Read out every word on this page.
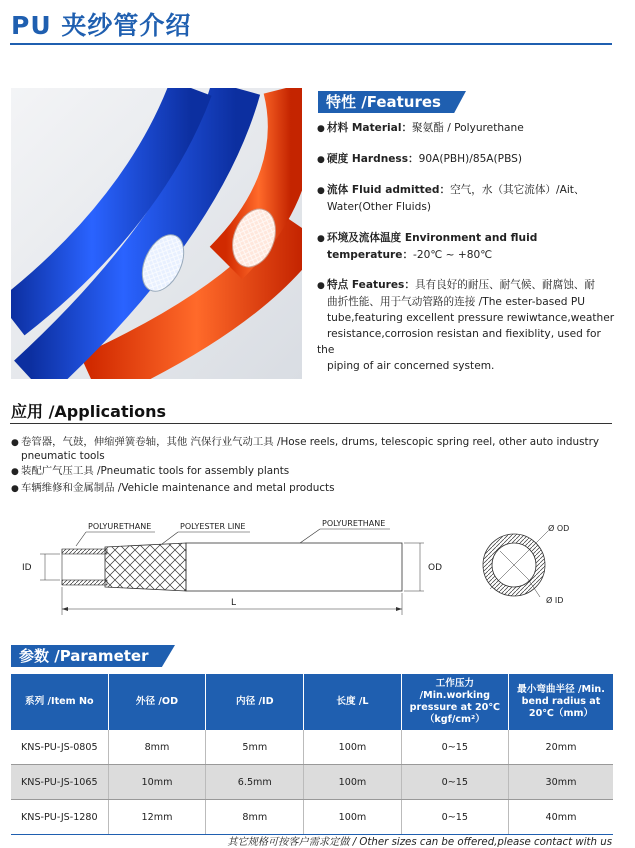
PU 夹纱管介绍
特性 /Features
● 材料 Material：聚氨酯 / Polyurethane
● 硬度 Hardness：90A(PBH)/85A(PBS)
● 流体 Fluid admitted：空气，水（其它流体）/Ait、
Water(Other Fluids)
● 环境及流体温度 Environment and fluid
temperature：-20℃ ~ +80℃
● 特点 Features：具有良好的耐压、耐气候、耐腐蚀、耐
曲折性能、用于气动管路的连接 /The ester-based PU
tube,featuring excellent pressure rewiwtance,weather
resistance,corrosion resistan and fiexiblity, used for the
piping of air concerned system.
应用 /Applications
● 卷管器，气鼓，伸缩弹簧卷轴，其他 汽保行业气动工具 /Hose reels, drums, telescopic spring reel, other auto industry
pneumatic tools
● 装配广气压工具 /Pneumatic tools for assembly plants
● 车辆维修和金属制品 /Vehicle maintenance and metal products
POLYURETHANE	POLYESTER LINE	POLYURETHANE
ID	OD
L
Ø OD
Ø ID
参数 /Parameter
系列 /Item No	外径 /OD	内径 /ID	长度 /L	工作压力 /Min.working pressure at 20℃（kgf/cm²）	最小弯曲半径 /Min. bend radius at 20℃（mm）
KNS-PU-JS-0805	8mm	5mm	100m	0~15	20mm
KNS-PU-JS-1065	10mm	6.5mm	100m	0~15	30mm
KNS-PU-JS-1280	12mm	8mm	100m	0~15	40mm
其它规格可按客户需求定做 / Other sizes can be offered,please contact with us
